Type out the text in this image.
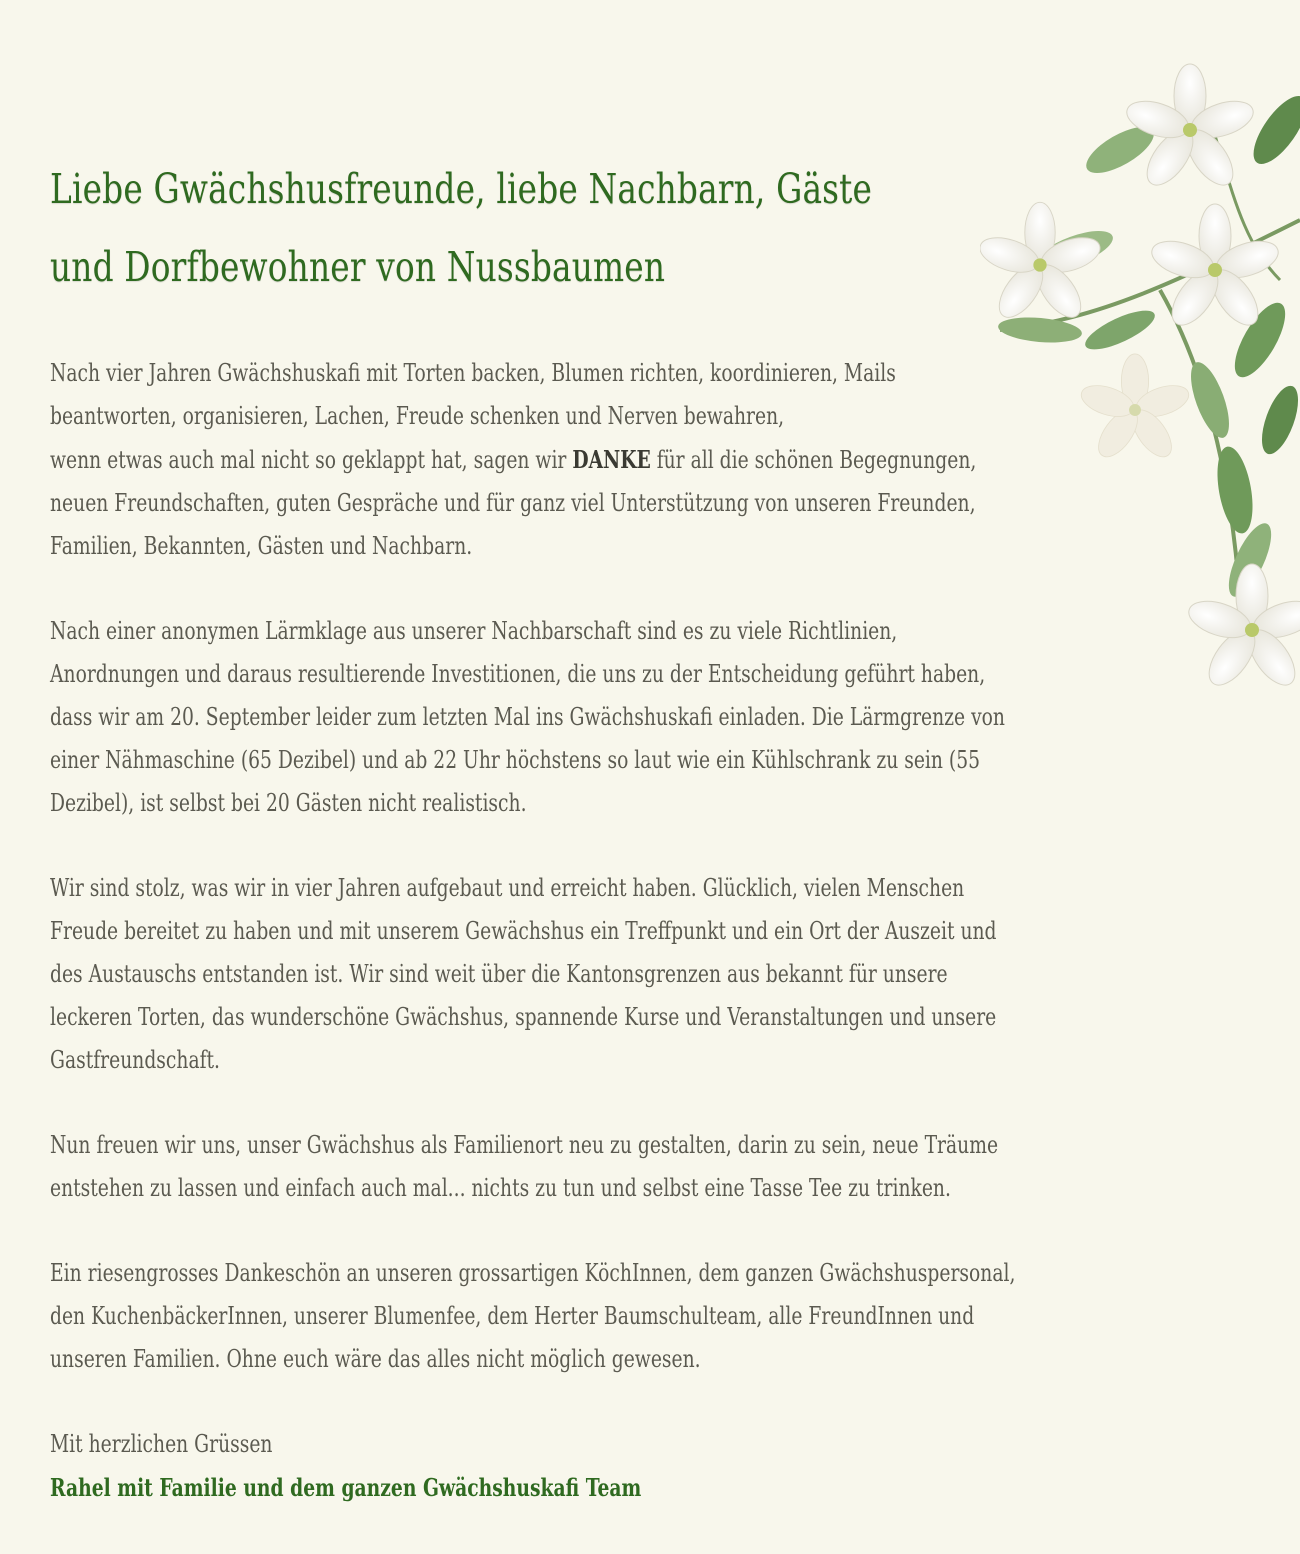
Liebe Gwächshusfreunde, liebe Nachbarn, Gäste
und Dorfbewohner von Nussbaumen

Nach vier Jahren Gwächshuskafi mit Torten backen, Blumen richten, koordinieren, Mails
beantworten, organisieren, Lachen, Freude schenken und Nerven bewahren,
wenn etwas auch mal nicht so geklappt hat, sagen wir DANKE für all die schönen Begegnungen,
neuen Freundschaften, guten Gespräche und für ganz viel Unterstützung von unseren Freunden,
Familien, Bekannten, Gästen und Nachbarn.

Nach einer anonymen Lärmklage aus unserer Nachbarschaft sind es zu viele Richtlinien,
Anordnungen und daraus resultierende Investitionen, die uns zu der Entscheidung geführt haben,
dass wir am 20. September leider zum letzten Mal ins Gwächshuskafi einladen. Die Lärmgrenze von
einer Nähmaschine (65 Dezibel) und ab 22 Uhr höchstens so laut wie ein Kühlschrank zu sein (55
Dezibel), ist selbst bei 20 Gästen nicht realistisch.

Wir sind stolz, was wir in vier Jahren aufgebaut und erreicht haben. Glücklich, vielen Menschen
Freude bereitet zu haben und mit unserem Gewächshus ein Treffpunkt und ein Ort der Auszeit und
des Austauschs entstanden ist. Wir sind weit über die Kantonsgrenzen aus bekannt für unsere
leckeren Torten, das wunderschöne Gwächshus, spannende Kurse und Veranstaltungen und unsere
Gastfreundschaft.

Nun freuen wir uns, unser Gwächshus als Familienort neu zu gestalten, darin zu sein, neue Träume
entstehen zu lassen und einfach auch mal... nichts zu tun und selbst eine Tasse Tee zu trinken.

Ein riesengrosses Dankeschön an unseren grossartigen KöchInnen, dem ganzen Gwächshuspersonal,
den KuchenbäckerInnen, unserer Blumenfee, dem Herter Baumschulteam, alle FreundInnen und
unseren Familien. Ohne euch wäre das alles nicht möglich gewesen.

Mit herzlichen Grüssen
Rahel mit Familie und dem ganzen Gwächshuskafi Team
